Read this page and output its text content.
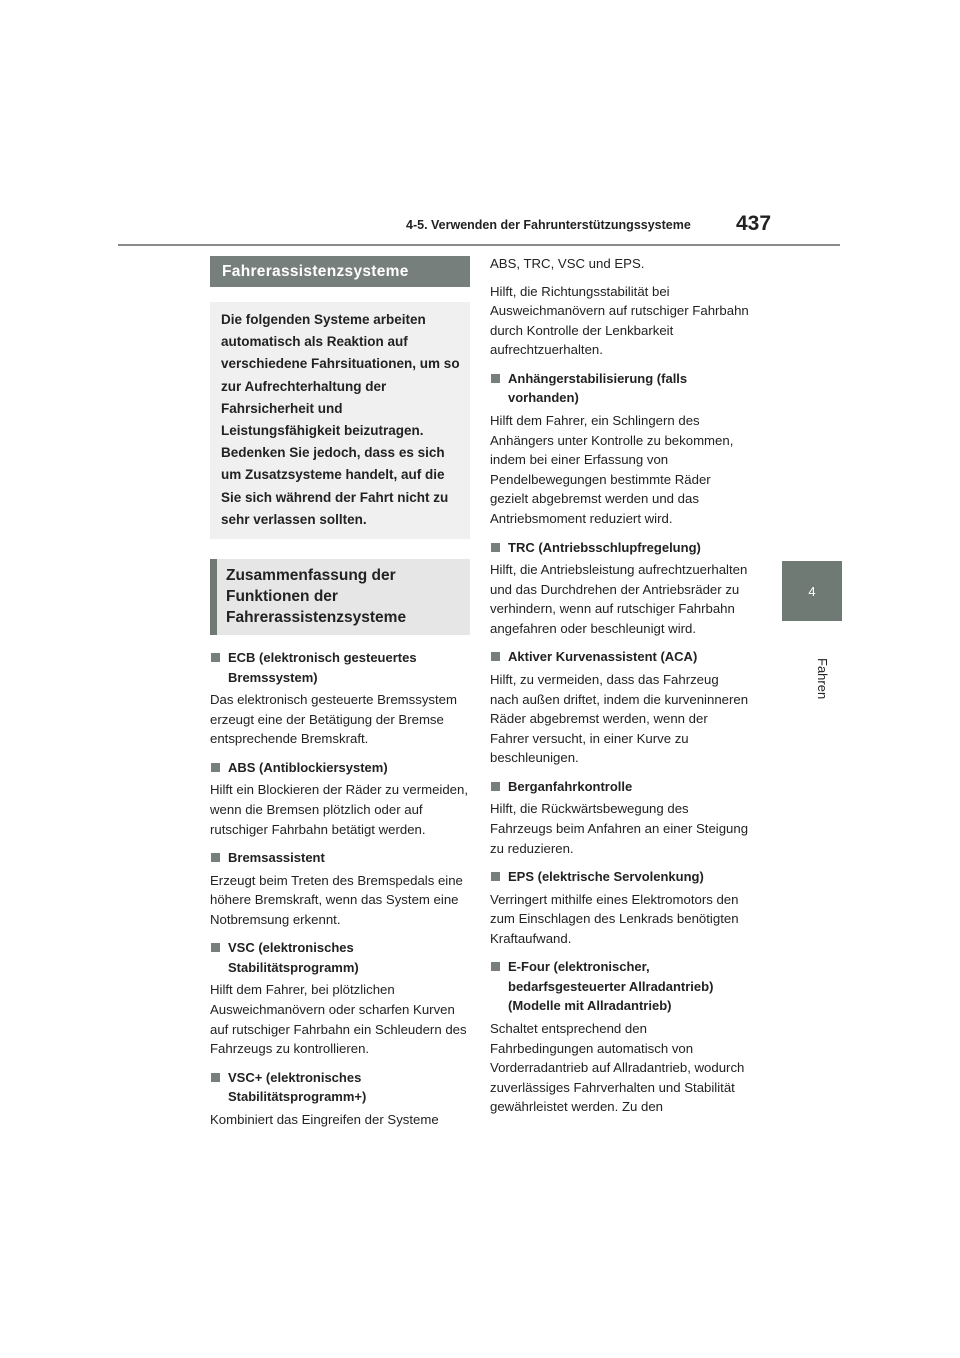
4-5. Verwenden der Fahrunterstützungssysteme 437
4
Fahren
Fahrerassistenzsysteme
Die folgenden Systeme arbeiten automatisch als Reaktion auf verschiedene Fahrsituationen, um so zur Aufrechterhaltung der Fahrsicherheit und Leistungsfähigkeit beizutragen. Bedenken Sie jedoch, dass es sich um Zusatzsysteme handelt, auf die Sie sich während der Fahrt nicht zu sehr verlassen sollten.
Zusammenfassung der Funktionen der Fahrerassistenzsysteme
ECB (elektronisch gesteuertes Bremssystem)
Das elektronisch gesteuerte Bremssystem erzeugt eine der Betätigung der Bremse entsprechende Bremskraft.
ABS (Antiblockiersystem)
Hilft ein Blockieren der Räder zu vermeiden, wenn die Bremsen plötzlich oder auf rutschiger Fahrbahn betätigt werden.
Bremsassistent
Erzeugt beim Treten des Bremspedals eine höhere Bremskraft, wenn das System eine Notbremsung erkennt.
VSC (elektronisches Stabilitätsprogramm)
Hilft dem Fahrer, bei plötzlichen Ausweichmanövern oder scharfen Kurven auf rutschiger Fahrbahn ein Schleudern des Fahrzeugs zu kontrollieren.
VSC+ (elektronisches Stabilitätsprogramm+)
Kombiniert das Eingreifen der Systeme
ABS, TRC, VSC und EPS.
Hilft, die Richtungsstabilität bei Ausweichmanövern auf rutschiger Fahrbahn durch Kontrolle der Lenkbarkeit aufrechtzuerhalten.
Anhängerstabilisierung (falls vorhanden)
Hilft dem Fahrer, ein Schlingern des Anhängers unter Kontrolle zu bekommen, indem bei einer Erfassung von Pendelbewegungen bestimmte Räder gezielt abgebremst werden und das Antriebsmoment reduziert wird.
TRC (Antriebsschlupfregelung)
Hilft, die Antriebsleistung aufrechtzuerhalten und das Durchdrehen der Antriebsräder zu verhindern, wenn auf rutschiger Fahrbahn angefahren oder beschleunigt wird.
Aktiver Kurvenassistent (ACA)
Hilft, zu vermeiden, dass das Fahrzeug nach außen driftet, indem die kurveninneren Räder abgebremst werden, wenn der Fahrer versucht, in einer Kurve zu beschleunigen.
Berganfahrkontrolle
Hilft, die Rückwärtsbewegung des Fahrzeugs beim Anfahren an einer Steigung zu reduzieren.
EPS (elektrische Servolenkung)
Verringert mithilfe eines Elektromotors den zum Einschlagen des Lenkrads benötigten Kraftaufwand.
E-Four (elektronischer, bedarfsgesteuerter Allradantrieb) (Modelle mit Allradantrieb)
Schaltet entsprechend den Fahrbedingungen automatisch von Vorderradantrieb auf Allradantrieb, wodurch zuverlässiges Fahrverhalten und Stabilität gewährleistet werden. Zu den
